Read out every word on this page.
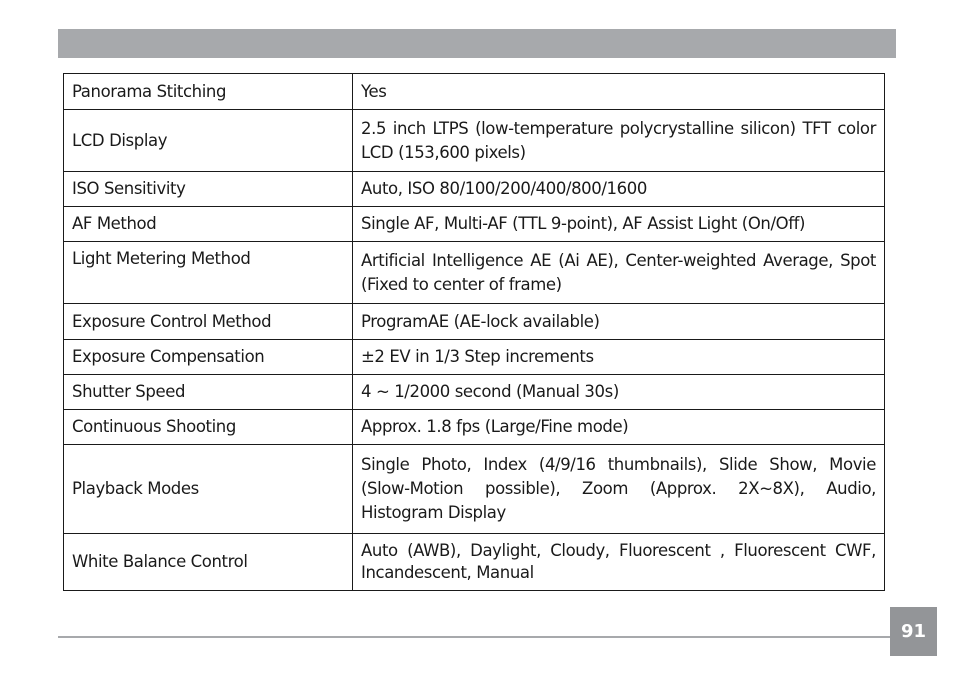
Panorama Stitching	Yes
LCD Display	2.5 inch LTPS (low-temperature polycrystalline silicon) TFT color LCD (153,600 pixels)
ISO Sensitivity	Auto, ISO 80/100/200/400/800/1600
AF Method	Single AF, Multi-AF (TTL 9-point), AF Assist Light (On/Off)
Light Metering Method	Artificial Intelligence AE (Ai AE), Center-weighted Average, Spot (Fixed to center of frame)
Exposure Control Method	ProgramAE (AE-lock available)
Exposure Compensation	±2 EV in 1/3 Step increments
Shutter Speed	4 ~ 1/2000 second (Manual 30s)
Continuous Shooting	Approx. 1.8 fps (Large/Fine mode)
Playback Modes	Single Photo, Index (4/9/16 thumbnails), Slide Show, Movie (Slow-Motion possible), Zoom (Approx. 2X~8X), Audio, Histogram Display
White Balance Control	Auto (AWB), Daylight, Cloudy, Fluorescent , Fluorescent CWF, Incandescent, Manual
91
